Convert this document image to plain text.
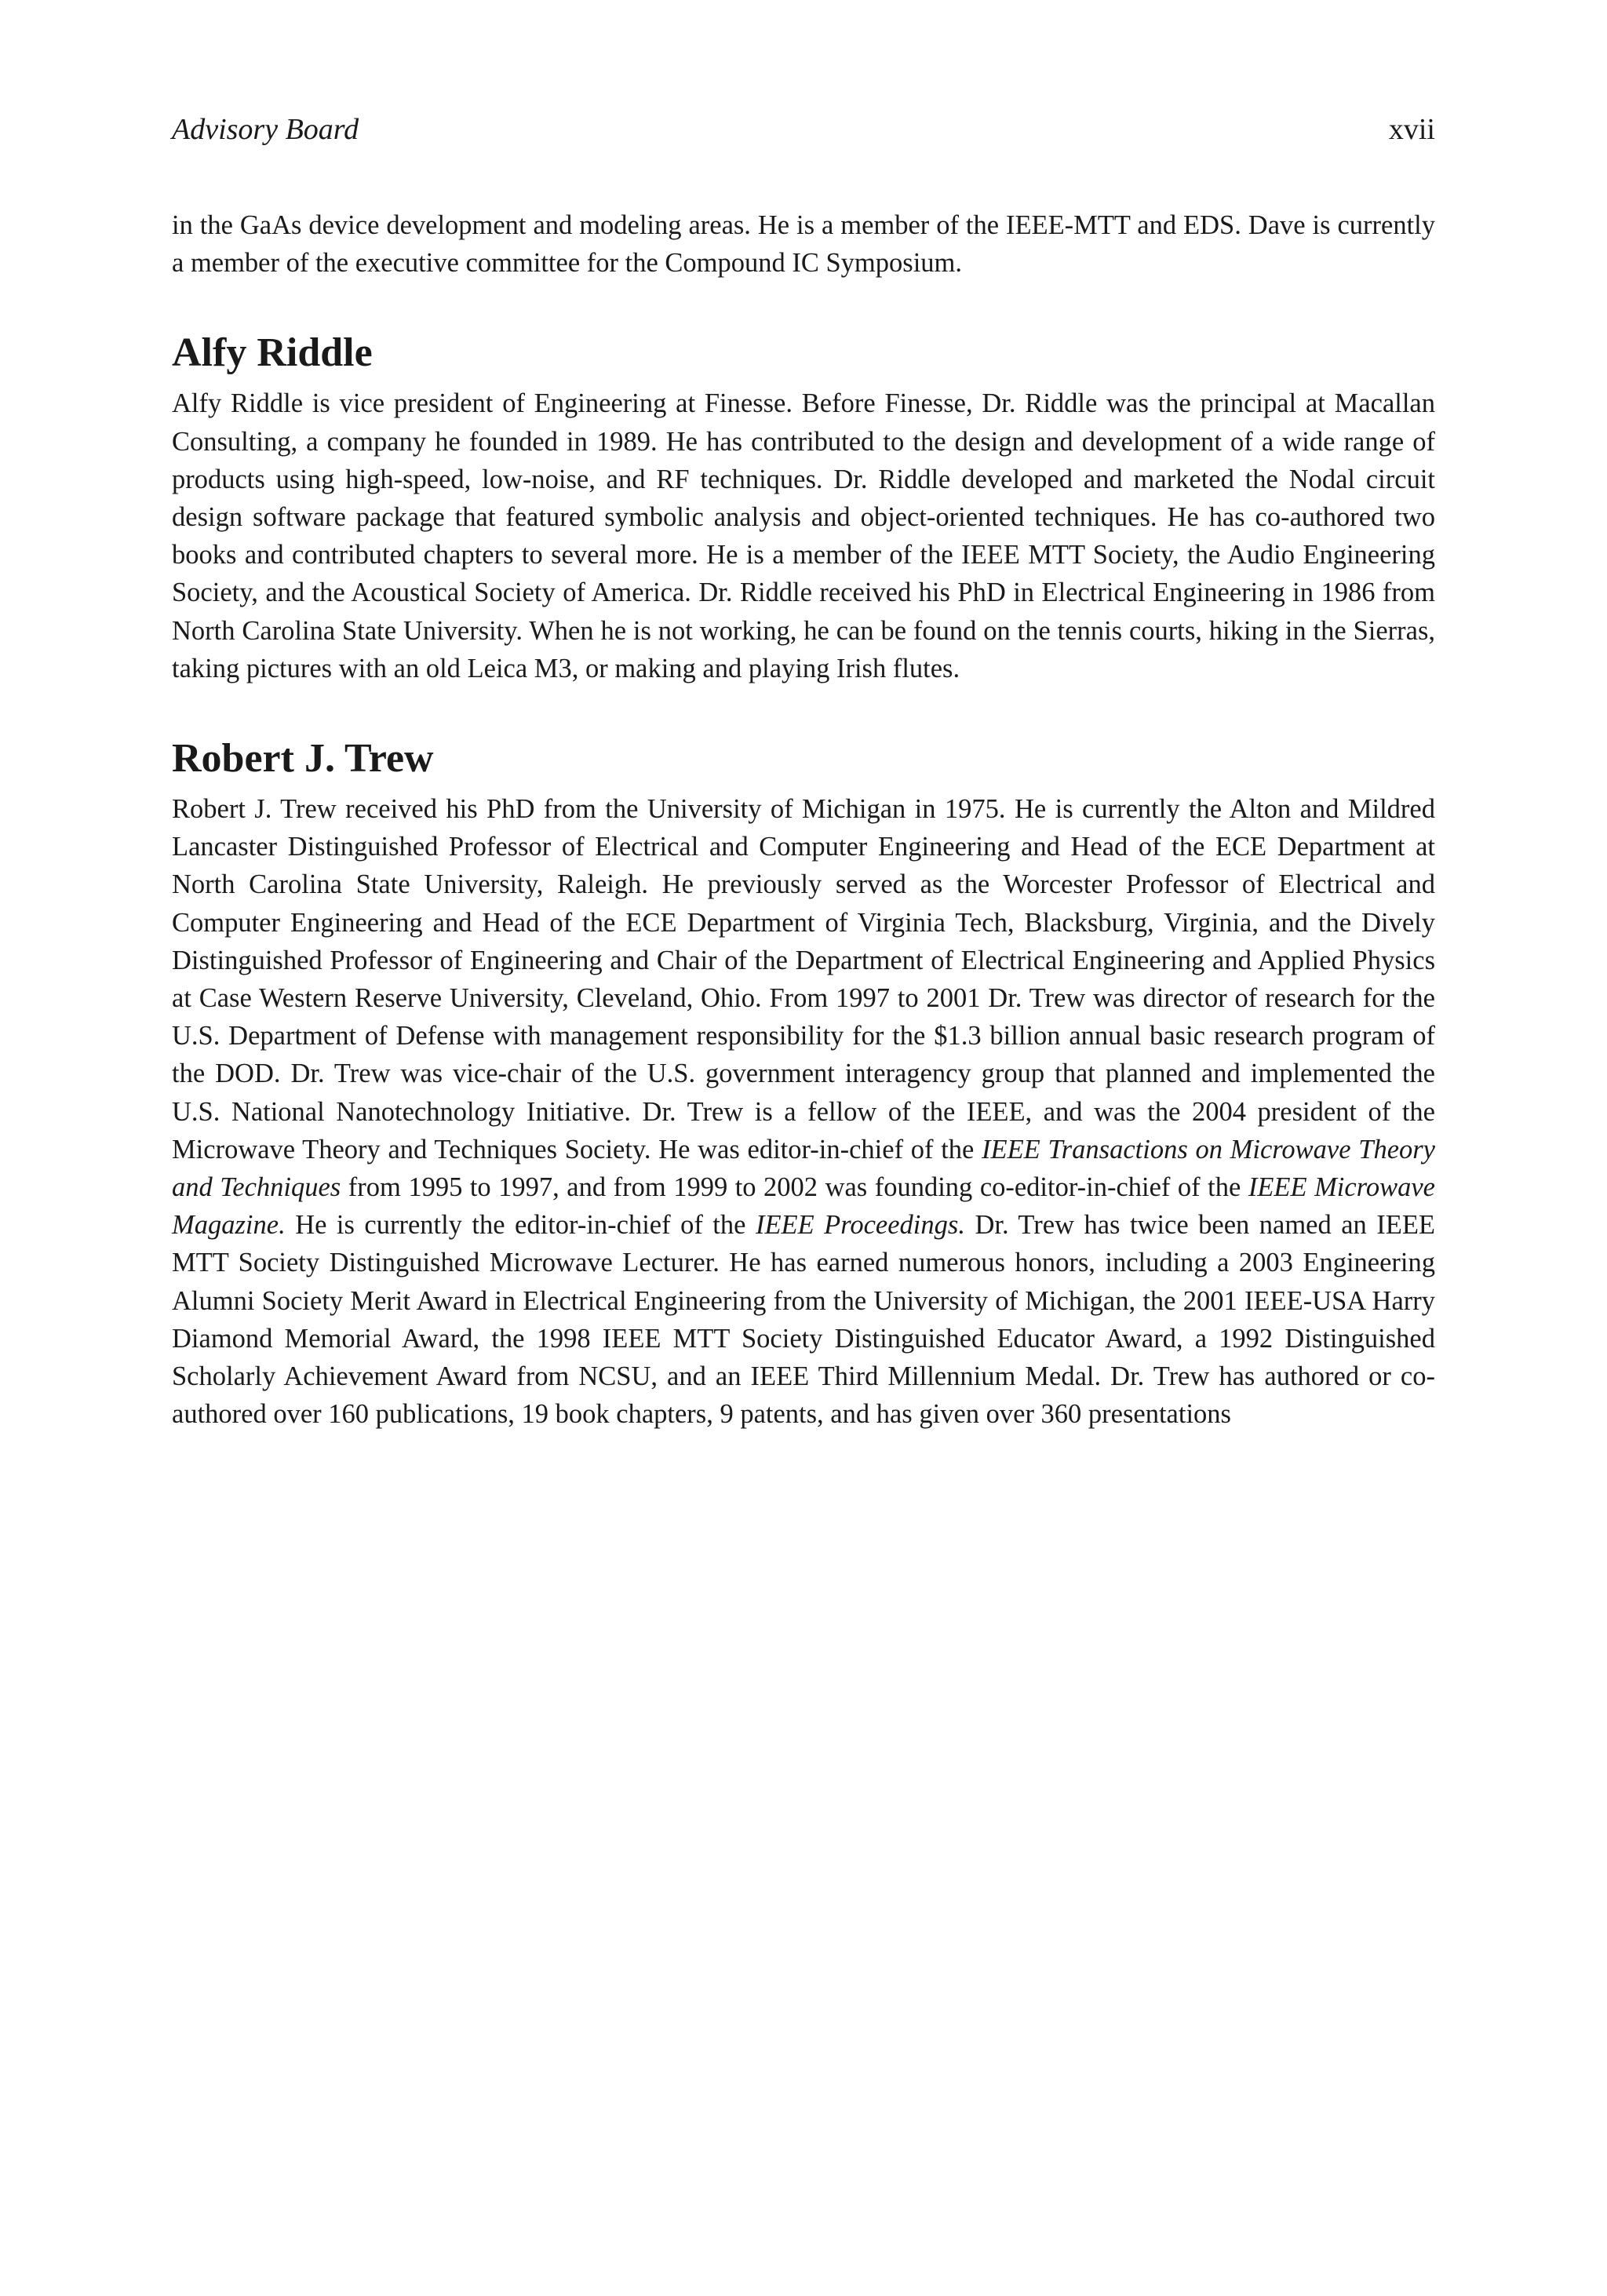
Advisory Board	xvii

in the GaAs device development and modeling areas. He is a member of the IEEE-MTT and EDS. Dave is currently a member of the executive committee for the Compound IC Symposium.

Alfy Riddle

Alfy Riddle is vice president of Engineering at Finesse. Before Finesse, Dr. Riddle was the principal at Macallan Consulting, a company he founded in 1989. He has contributed to the design and development of a wide range of products using high-speed, low-noise, and RF techniques. Dr. Riddle developed and marketed the Nodal circuit design software package that featured symbolic analysis and object-oriented techniques. He has co-authored two books and contributed chapters to several more. He is a member of the IEEE MTT Society, the Audio Engineering Society, and the Acoustical Society of America. Dr. Riddle received his PhD in Electrical Engineering in 1986 from North Carolina State University. When he is not working, he can be found on the tennis courts, hiking in the Sierras, taking pictures with an old Leica M3, or making and playing Irish flutes.

Robert J. Trew

Robert J. Trew received his PhD from the University of Michigan in 1975. He is currently the Alton and Mildred Lancaster Distinguished Professor of Electrical and Computer Engineering and Head of the ECE Department at North Carolina State University, Raleigh. He previously served as the Worcester Professor of Electrical and Computer Engineering and Head of the ECE Department of Virginia Tech, Blacksburg, Virginia, and the Dively Distinguished Professor of Engineering and Chair of the Department of Electrical Engineering and Applied Physics at Case Western Reserve University, Cleveland, Ohio. From 1997 to 2001 Dr. Trew was director of research for the U.S. Department of Defense with management responsibility for the $1.3 billion annual basic research program of the DOD. Dr. Trew was vice-chair of the U.S. government interagency group that planned and implemented the U.S. National Nanotechnology Initiative. Dr. Trew is a fellow of the IEEE, and was the 2004 president of the Microwave Theory and Techniques Society. He was editor-in-chief of the IEEE Transactions on Microwave Theory and Techniques from 1995 to 1997, and from 1999 to 2002 was founding co-editor-in-chief of the IEEE Microwave Magazine. He is currently the editor-in-chief of the IEEE Proceedings. Dr. Trew has twice been named an IEEE MTT Society Distinguished Microwave Lecturer. He has earned numerous honors, including a 2003 Engineering Alumni Society Merit Award in Electrical Engineering from the University of Michigan, the 2001 IEEE-USA Harry Diamond Memorial Award, the 1998 IEEE MTT Society Distinguished Educator Award, a 1992 Distinguished Scholarly Achievement Award from NCSU, and an IEEE Third Millennium Medal. Dr. Trew has authored or co-authored over 160 publications, 19 book chapters, 9 patents, and has given over 360 presentations
